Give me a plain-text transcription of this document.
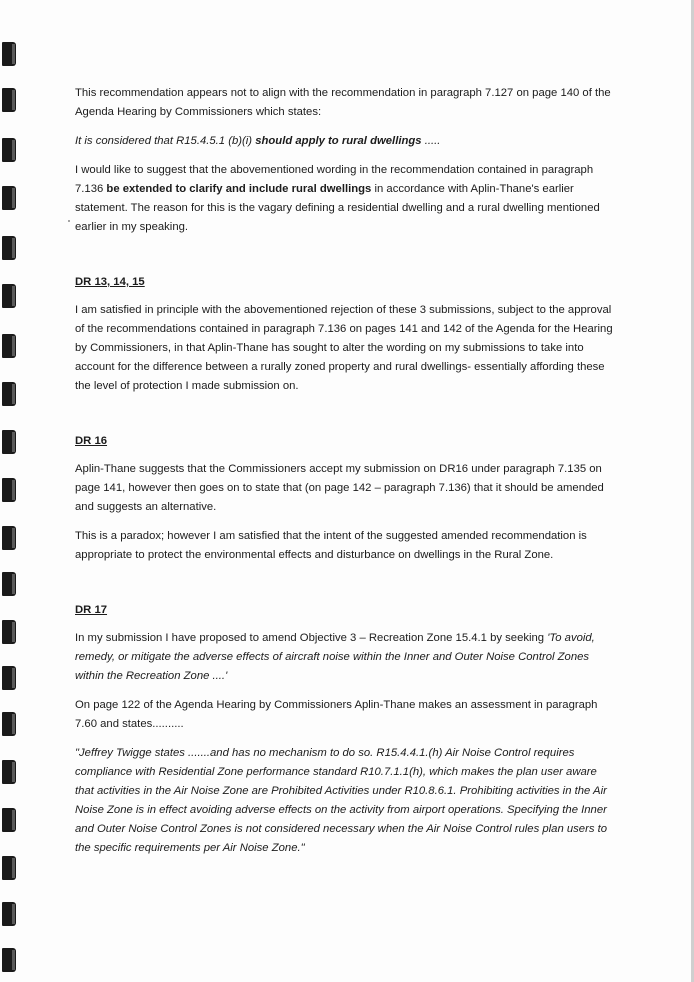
This recommendation appears not to align with the recommendation in paragraph 7.127 on page 140 of the Agenda Hearing by Commissioners which states:

It is considered that R15.4.5.1 (b)(i) should apply to rural dwellings .....

I would like to suggest that the abovementioned wording in the recommendation contained in paragraph 7.136 be extended to clarify and include rural dwellings in accordance with Aplin-Thane's earlier statement. The reason for this is the vagary defining a residential dwelling and a rural dwelling mentioned earlier in my speaking.

DR 13, 14, 15

I am satisfied in principle with the abovementioned rejection of these 3 submissions, subject to the approval of the recommendations contained in paragraph 7.136 on pages 141 and 142 of the Agenda for the Hearing by Commissioners, in that Aplin-Thane has sought to alter the wording on my submissions to take into account for the difference between a rurally zoned property and rural dwellings- essentially affording these the level of protection I made submission on.

DR 16

Aplin-Thane suggests that the Commissioners accept my submission on DR16 under paragraph 7.135 on page 141, however then goes on to state that (on page 142 – paragraph 7.136) that it should be amended and suggests an alternative.

This is a paradox; however I am satisfied that the intent of the suggested amended recommendation is appropriate to protect the environmental effects and disturbance on dwellings in the Rural Zone.

DR 17

In my submission I have proposed to amend Objective 3 – Recreation Zone 15.4.1 by seeking 'To avoid, remedy, or mitigate the adverse effects of aircraft noise within the Inner and Outer Noise Control Zones within the Recreation Zone ....'

On page 122 of the Agenda Hearing by Commissioners Aplin-Thane makes an assessment in paragraph 7.60 and states..........

"Jeffrey Twigge states .......and has no mechanism to do so. R15.4.4.1.(h) Air Noise Control requires compliance with Residential Zone performance standard R10.7.1.1(h), which makes the plan user aware that activities in the Air Noise Zone are Prohibited Activities under R10.8.6.1. Prohibiting activities in the Air Noise Zone is in effect avoiding adverse effects on the activity from airport operations. Specifying the Inner and Outer Noise Control Zones is not considered necessary when the Air Noise Control rules plan users to the specific requirements per Air Noise Zone."
